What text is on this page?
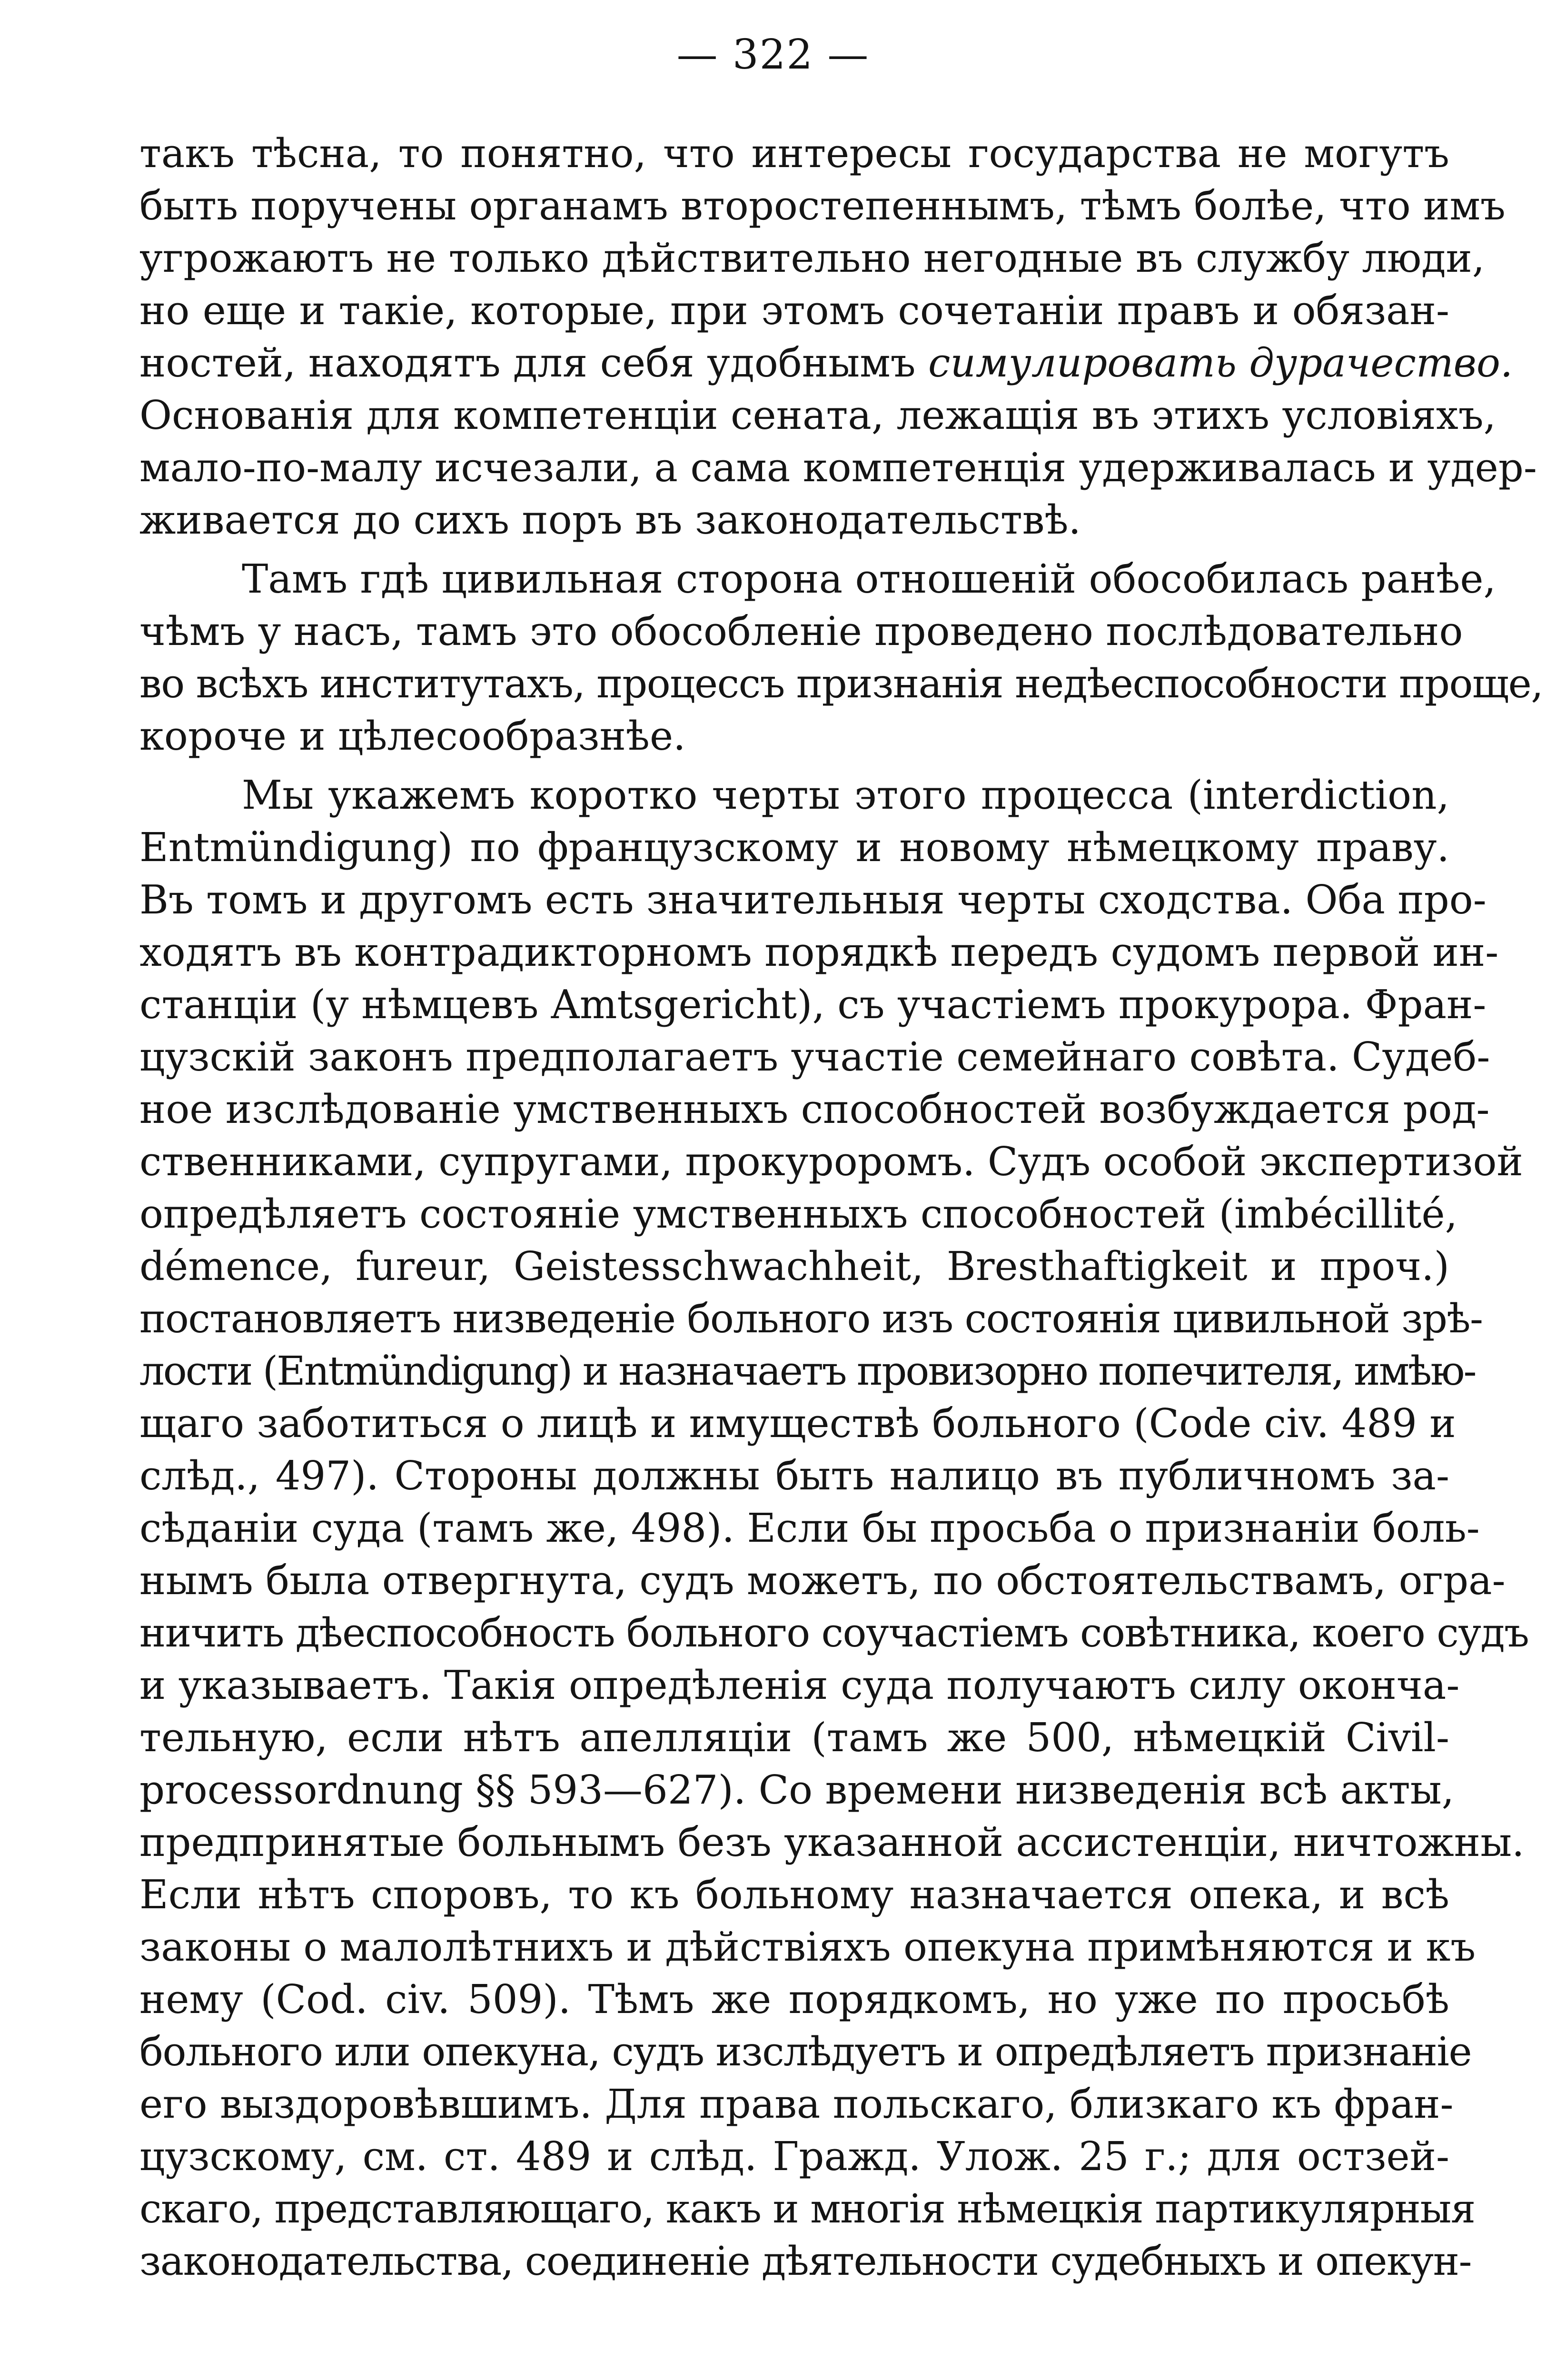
— 322 —
такъ тѣсна, то понятно, что интересы государства не могутъ
быть поручены органамъ второстепеннымъ, тѣмъ болѣе, что имъ
угрожаютъ не только дѣйствительно негодные въ службу люди,
но еще и такіе, которые, при этомъ сочетаніи правъ и обязан-
ностей, находятъ для себя удобнымъ симулировать дурачество.
Основанія для компетенціи сената, лежащія въ этихъ условіяхъ,
мало-по-малу исчезали, а сама компетенція удерживалась и удер-
живается до сихъ поръ въ законодательствѣ.
Тамъ гдѣ цивильная сторона отношеній обособилась ранѣе,
чѣмъ у насъ, тамъ это обособленіе проведено послѣдовательно
во всѣхъ институтахъ, процессъ признанія недѣеспособности проще,
короче и цѣлесообразнѣе.
Мы укажемъ коротко черты этого процесса (interdiction,
Entmündigung) по французскому и новому нѣмецкому праву.
Въ томъ и другомъ есть значительныя черты сходства. Оба про-
ходятъ въ контрадикторномъ порядкѣ передъ судомъ первой ин-
станціи (у нѣмцевъ Amtsgericht), съ участіемъ прокурора. Фран-
цузскій законъ предполагаетъ участіе семейнаго совѣта. Судеб-
ное изслѣдованіе умственныхъ способностей возбуждается род-
ственниками, супругами, прокуроромъ. Судъ особой экспертизой
опредѣляетъ состояніе умственныхъ способностей (imbécillité,
démence, fureur, Geistesschwachheit, Bresthaftigkeit и проч.)
постановляетъ низведеніе больного изъ состоянія цивильной зрѣ-
лости (Entmündigung) и назначаетъ провизорно попечителя, имѣю-
щаго заботиться о лицѣ и имуществѣ больного (Code civ. 489 и
слѣд., 497). Стороны должны быть налицо въ публичномъ за-
сѣданіи суда (тамъ же, 498). Если бы просьба о признаніи боль-
нымъ была отвергнута, судъ можетъ, по обстоятельствамъ, огра-
ничить дѣеспособность больного соучастіемъ совѣтника, коего судъ
и указываетъ. Такія опредѣленія суда получаютъ силу оконча-
тельную, если нѣтъ апелляціи (тамъ же 500, нѣмецкій Civil-
processordnung §§ 593—627). Со времени низведенія всѣ акты,
предпринятые больнымъ безъ указанной ассистенціи, ничтожны.
Если нѣтъ споровъ, то къ больному назначается опека, и всѣ
законы о малолѣтнихъ и дѣйствіяхъ опекуна примѣняются и къ
нему (Cod. civ. 509). Тѣмъ же порядкомъ, но уже по просьбѣ
больного или опекуна, судъ изслѣдуетъ и опредѣляетъ признаніе
его выздоровѣвшимъ. Для права польскаго, близкаго къ фран-
цузскому, см. ст. 489 и слѣд. Гражд. Улож. 25 г.; для остзей-
скаго, представляющаго, какъ и многія нѣмецкія партикулярныя
законодательства, соединеніе дѣятельности судебныхъ и опекун-
